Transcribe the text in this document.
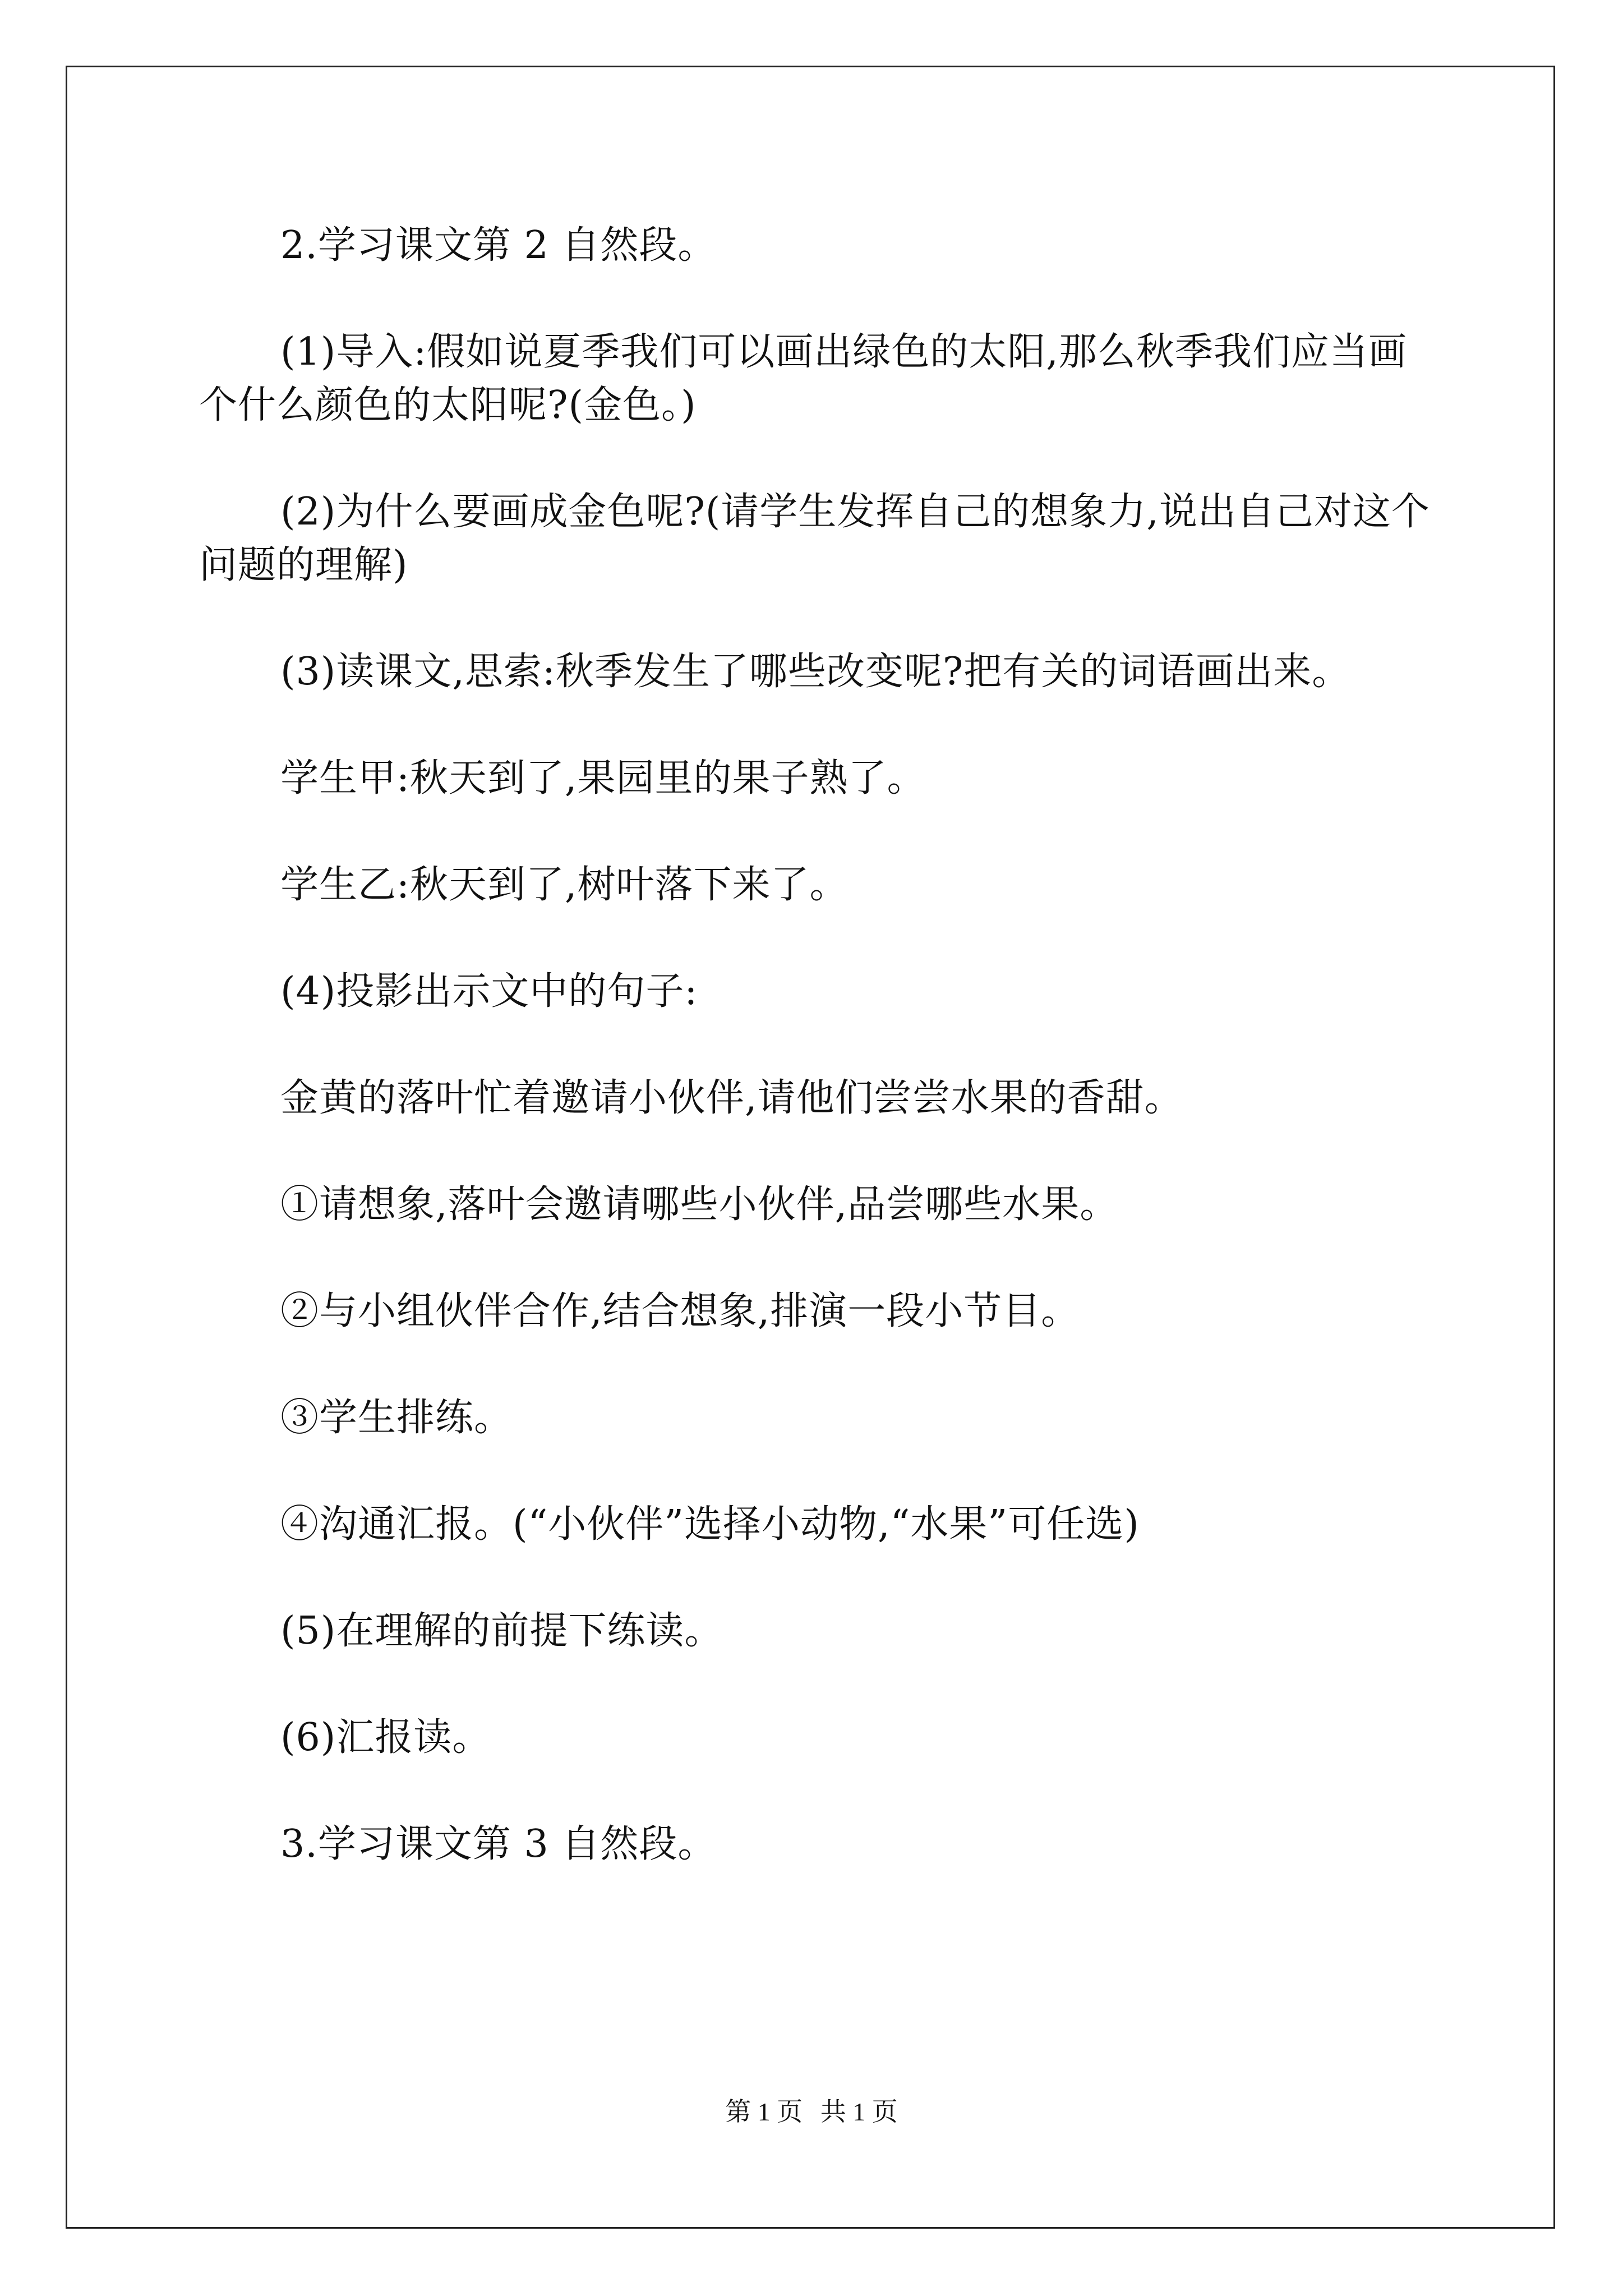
2.学习课文第 2 自然段。

(1)导入:假如说夏季我们可以画出绿色的太阳,那么秋季我们应当画个什么颜色的太阳呢?(金色。)

(2)为什么要画成金色呢?(请学生发挥自己的想象力,说出自己对这个问题的理解)

(3)读课文,思索:秋季发生了哪些改变呢?把有关的词语画出来。

学生甲:秋天到了,果园里的果子熟了。

学生乙:秋天到了,树叶落下来了。

(4)投影出示文中的句子:

金黄的落叶忙着邀请小伙伴,请他们尝尝水果的香甜。

①请想象,落叶会邀请哪些小伙伴,品尝哪些水果。

②与小组伙伴合作,结合想象,排演一段小节目。

③学生排练。

④沟通汇报。(“小伙伴”选择小动物,“水果”可任选)

(5)在理解的前提下练读。

(6)汇报读。

3.学习课文第 3 自然段。

第 1 页 共 1 页
